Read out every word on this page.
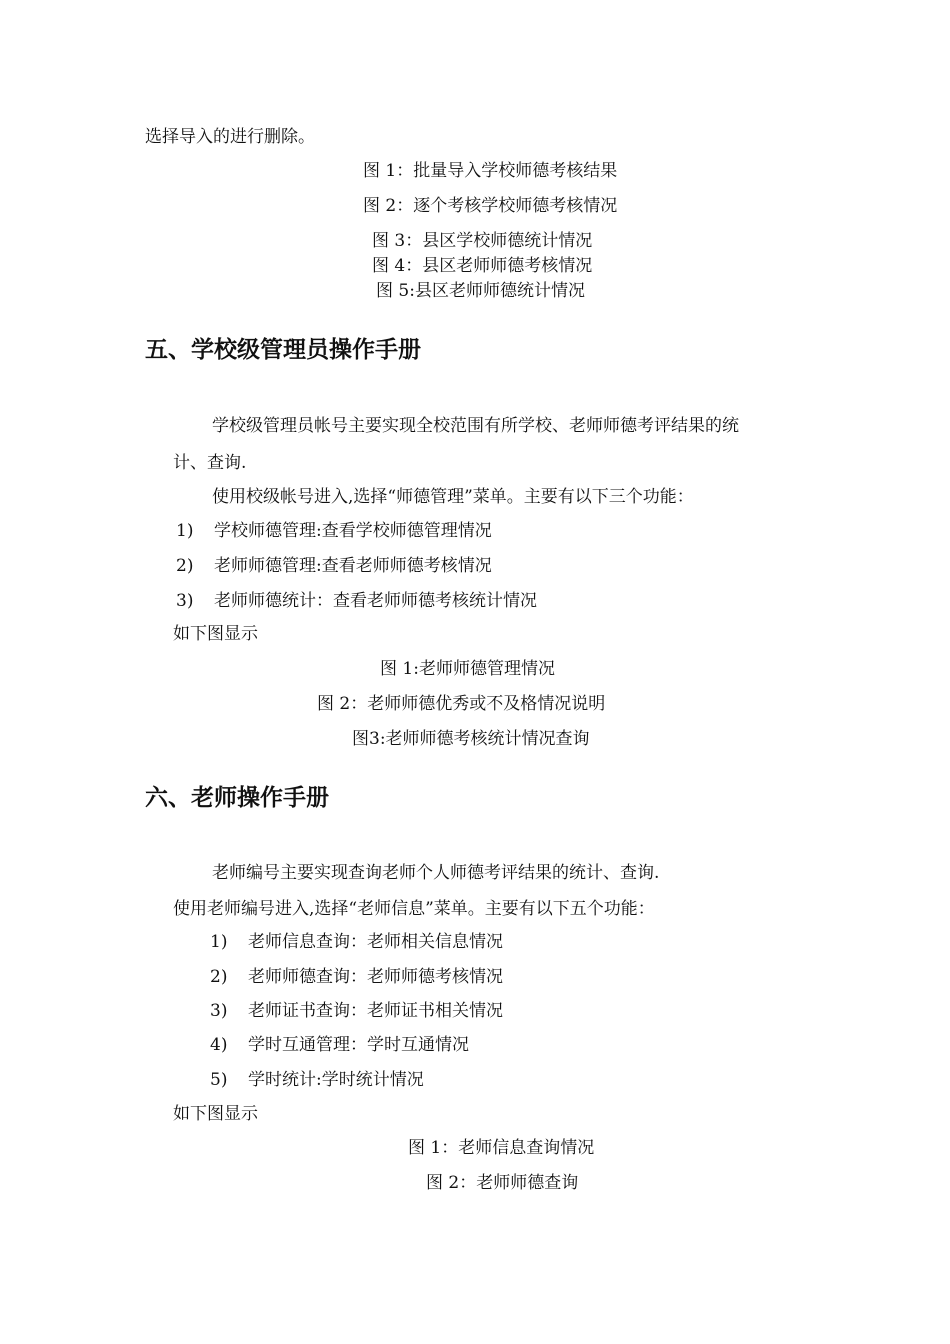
选择导入的进行删除。
图 1：批量导入学校师德考核结果
图 2：逐个考核学校师德考核情况
图 3：县区学校师德统计情况
图 4：县区老师师德考核情况
图 5:县区老师师德统计情况
五、学校级管理员操作手册
学校级管理员帐号主要实现全校范围有所学校、老师师德考评结果的统
计、查询.
使用校级帐号进入,选择“师德管理”菜单。主要有以下三个功能：
1) 学校师德管理:查看学校师德管理情况
2) 老师师德管理:查看老师师德考核情况
3) 老师师德统计：查看老师师德考核统计情况
如下图显示
图 1:老师师德管理情况
图 2：老师师德优秀或不及格情况说明
图3:老师师德考核统计情况查询
六、老师操作手册
老师编号主要实现查询老师个人师德考评结果的统计、查询.
使用老师编号进入,选择“老师信息”菜单。主要有以下五个功能：
1) 老师信息查询：老师相关信息情况
2) 老师师德查询：老师师德考核情况
3) 老师证书查询：老师证书相关情况
4) 学时互通管理：学时互通情况
5) 学时统计:学时统计情况
如下图显示
图 1：老师信息查询情况
图 2：老师师德查询
